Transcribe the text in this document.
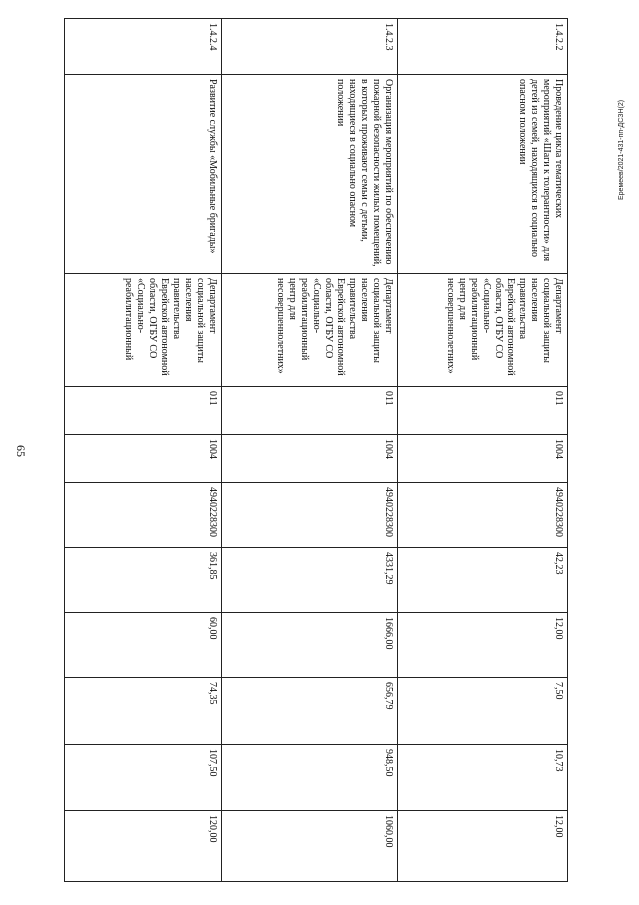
65
1.4.2.2	Проведение цикла тематических мероприятий «Шаги к толерантности» для детей из семей, находящихся в социально опасном положении	Департамент социальной защиты населения правительства Еврейской автономной области, ОГБУ СО «Социально-реабилитационный центр для несовершеннолетних»	011	1004	4940228300	42,23	12,00	7,50	10,73	12,00
1.4.2.3	Организация мероприятий по обеспечению пожарной безопасности жилых помещений, в которых проживают семьи с детьми, находящиеся в социально опасном положении	Департамент социальной защиты населения правительства Еврейской автономной области, ОГБУ СО «Социально-реабилитационный центр для несовершеннолетних»	011	1004	4940228300	4331,29	1666,00	656,79	948,50	1060,00
1.4.2.4	Развитие службы «Мобильные бригады»	Департамент социальной защиты населения правительства Еврейской автономной области, ОГБУ СО «Социально-реабилитационный	011	1004	4940228300	361,85	60,00	74,35	107,50	120,00
Еремеев/2021-431-пп-ДСЗН(2)
